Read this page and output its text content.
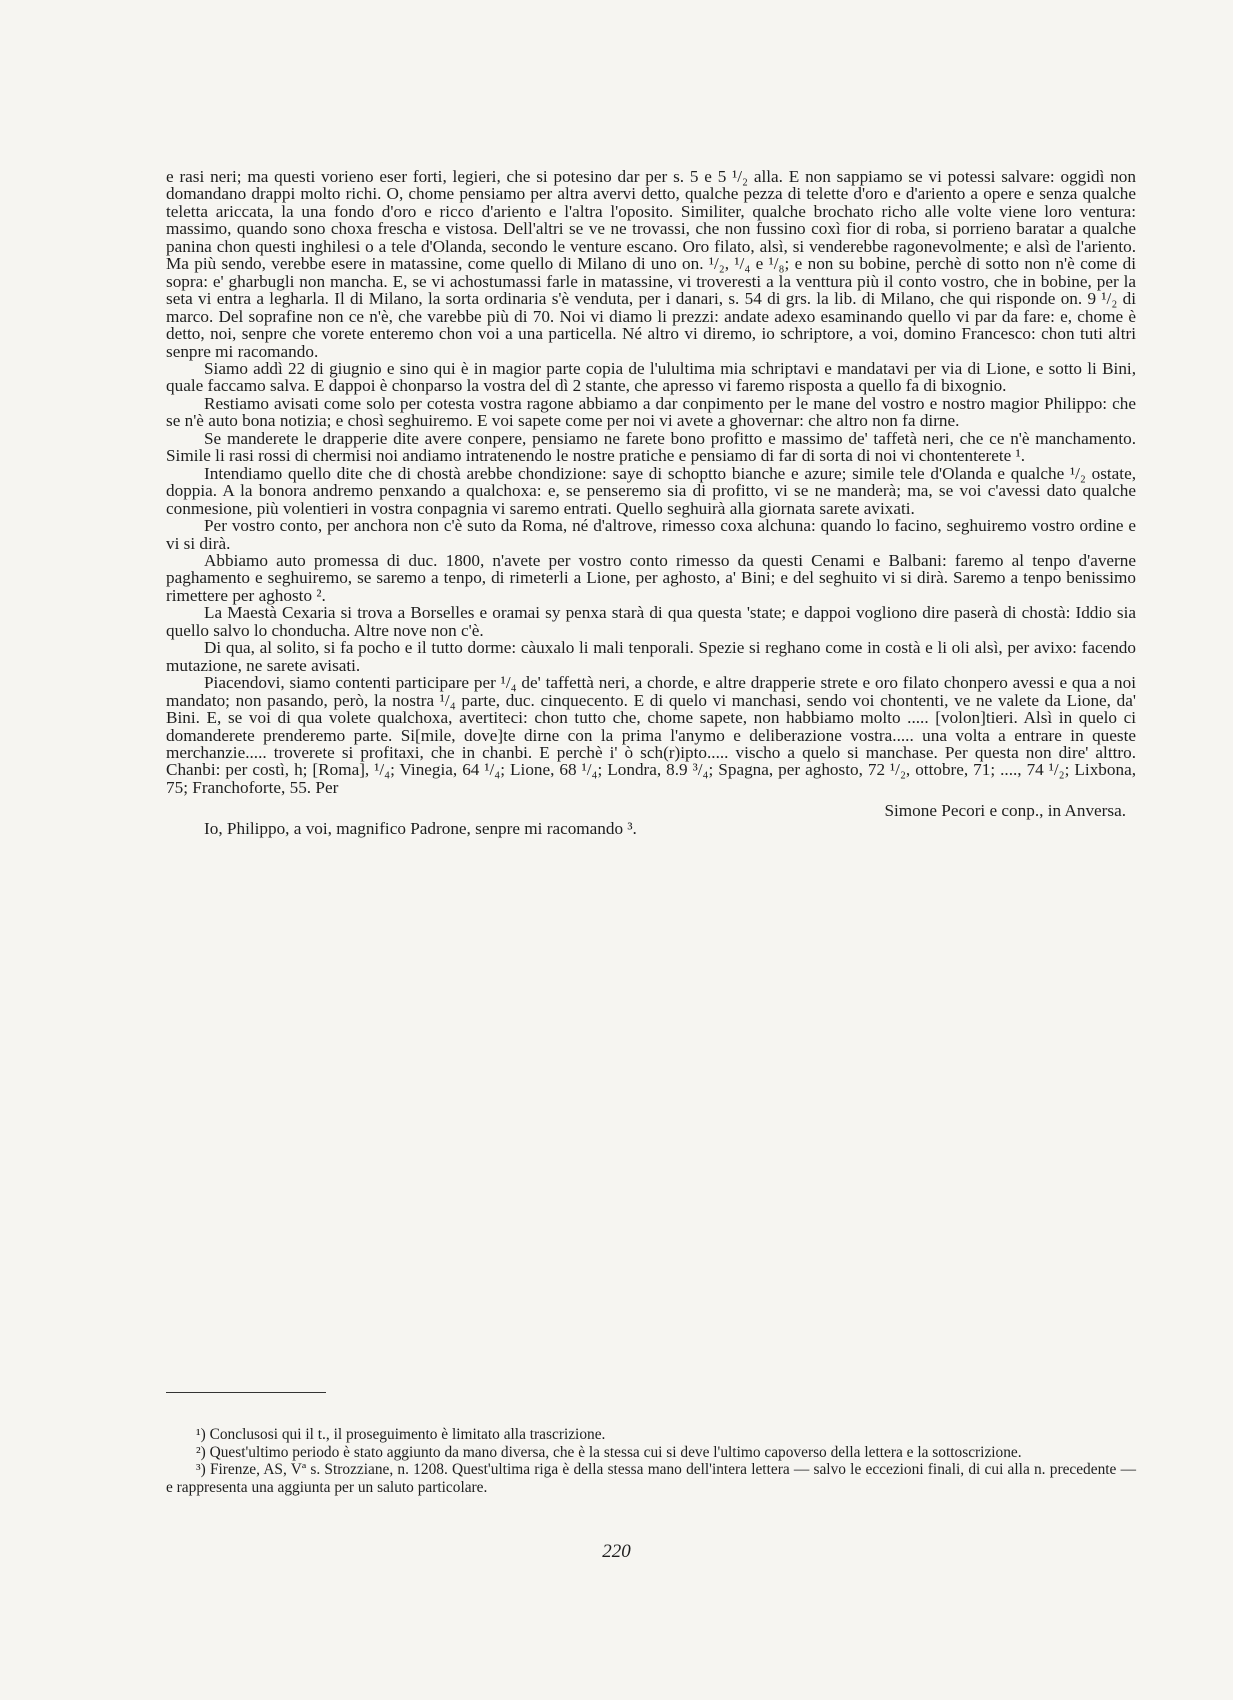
e rasi neri; ma questi vorieno eser forti, legieri, che si potesino dar per s. 5 e 5 ¹/₂ alla. E non sappiamo se vi potessi salvare: oggidì non domandano drappi molto richi. O, chome pensiamo per altra avervi detto, qualche pezza di telette d'oro e d'ariento a opere e senza qualche teletta ariccata, la una fondo d'oro e ricco d'ariento e l'altra l'oposito. Similiter, qualche brochato richo alle volte viene loro ventura: massimo, quando sono choxa frescha e vistosa. Dell'altri se ve ne trovassi, che non fussino coxì fior di roba, si porrieno baratar a qualche panina chon questi inghilesi o a tele d'Olanda, secondo le venture escano. Oro filato, alsì, si venderebbe ragonevolmente; e alsì de l'ariento. Ma più sendo, verebbe esere in matassine, come quello di Milano di uno on. ¹/₂, ¹/₄ e ¹/₈; e non su bobine, perchè di sotto non n'è come di sopra: e' gharbugli non mancha. E, se vi achostumassi farle in matassine, vi troveresti a la venttura più il conto vostro, che in bobine, per la seta vi entra a legharla. Il di Milano, la sorta ordinaria s'è venduta, per i danari, s. 54 di grs. la lib. di Milano, che qui risponde on. 9 ¹/₂ di marco. Del soprafine non ce n'è, che varebbe più di 70. Noi vi diamo li prezzi: andate adexo esaminando quello vi par da fare: e, chome è detto, noi, senpre che vorete enteremo chon voi a una particella. Né altro vi diremo, io schriptore, a voi, domino Francesco: chon tuti altri senpre mi racomando.

Siamo addì 22 di giugnio e sino qui è in magior parte copia de l'ulultima mia schriptavi e mandatavi per via di Lione, e sotto li Bini, quale faccamo salva. E dappoi è chonparso la vostra del dì 2 stante, che apresso vi faremo risposta a quello fa di bixognio.

Restiamo avisati come solo per cotesta vostra ragone abbiamo a dar conpimento per le mane del vostro e nostro magior Philippo: che se n'è auto bona notizia; e chosì seghuiremo. E voi sapete come per noi vi avete a ghovernar: che altro non fa dirne.

Se manderete le drapperie dite avere conpere, pensiamo ne farete bono profitto e massimo de' taffetà neri, che ce n'è manchamento. Simile li rasi rossi di chermisi noi andiamo intratenendo le nostre pratiche e pensiamo di far di sorta di noi vi chontenterete ¹.

Intendiamo quello dite che di chostà arebbe chondizione: saye di schoptto bianche e azure; simile tele d'Olanda e qualche ¹/₂ ostate, doppia. A la bonora andremo penxando a qualchoxa: e, se penseremo sia di profitto, vi se ne manderà; ma, se voi c'avessi dato qualche conmesione, più volentieri in vostra conpagnia vi saremo entrati. Quello seghuirà alla giornata sarete avixati.

Per vostro conto, per anchora non c'è suto da Roma, né d'altrove, rimesso coxa alchuna: quando lo facino, seghuiremo vostro ordine e vi si dirà.

Abbiamo auto promessa di duc. 1800, n'avete per vostro conto rimesso da questi Cenami e Balbani: faremo al tenpo d'averne paghamento e seghuiremo, se saremo a tenpo, di rimeterli a Lione, per aghosto, a' Bini; e del seghuito vi si dirà. Saremo a tenpo benissimo rimettere per aghosto ².

La Maestà Cexaria si trova a Borselles e oramai sy penxa starà di qua questa 'state; e dappoi vogliono dire paserà di chostà: Iddio sia quello salvo lo chonducha. Altre nove non c'è.

Di qua, al solito, si fa pocho e il tutto dorme: càuxalo li mali tenporali. Spezie si reghano come in costà e li oli alsì, per avixo: facendo mutazione, ne sarete avisati.

Piacendovi, siamo contenti participare per ¹/₄ de' taffettà neri, a chorde, e altre drapperie strete e oro filato chonpero avessi e qua a noi mandato; non pasando, però, la nostra ¹/₄ parte, duc. cinquecento. E di quelo vi manchasi, sendo voi chontenti, ve ne valete da Lione, da' Bini. E, se voi di qua volete qualchoxa, avertiteci: chon tutto che, chome sapete, non habbiamo molto ..... [volon]tieri. Alsì in quelo ci domanderete prenderemo parte. Si[mile, dove]te dirne con la prima l'anymo e deliberazione vostra..... una volta a entrare in queste merchanzie..... troverete si profitaxi, che in chanbi. E perchè i' ò sch(r)ipto..... vischo a quelo si manchase. Per questa non dire' alttro. Chanbi: per costì, h; [Roma], ¹/₄; Vinegia, 64 ¹/₄; Lione, 68 ¹/₄; Londra, 8.9 ³/₄; Spagna, per aghosto, 72 ¹/₂, ottobre, 71; ...., 74 ¹/₂; Lixbona, 75; Franchoforte, 55. Per

Simone Pecori e conp., in Anversa.
Io, Philippo, a voi, magnifico Padrone, senpre mi racomando ³.

¹) Conclusosi qui il t., il proseguimento è limitato alla trascrizione.

²) Quest'ultimo periodo è stato aggiunto da mano diversa, che è la stessa cui si deve l'ultimo capoverso della lettera e la sottoscrizione.

³) Firenze, AS, Vª s. Strozziane, n. 1208. Quest'ultima riga è della stessa mano dell'intera lettera — salvo le eccezioni finali, di cui alla n. precedente — e rappresenta una aggiunta per un saluto particolare.

220
